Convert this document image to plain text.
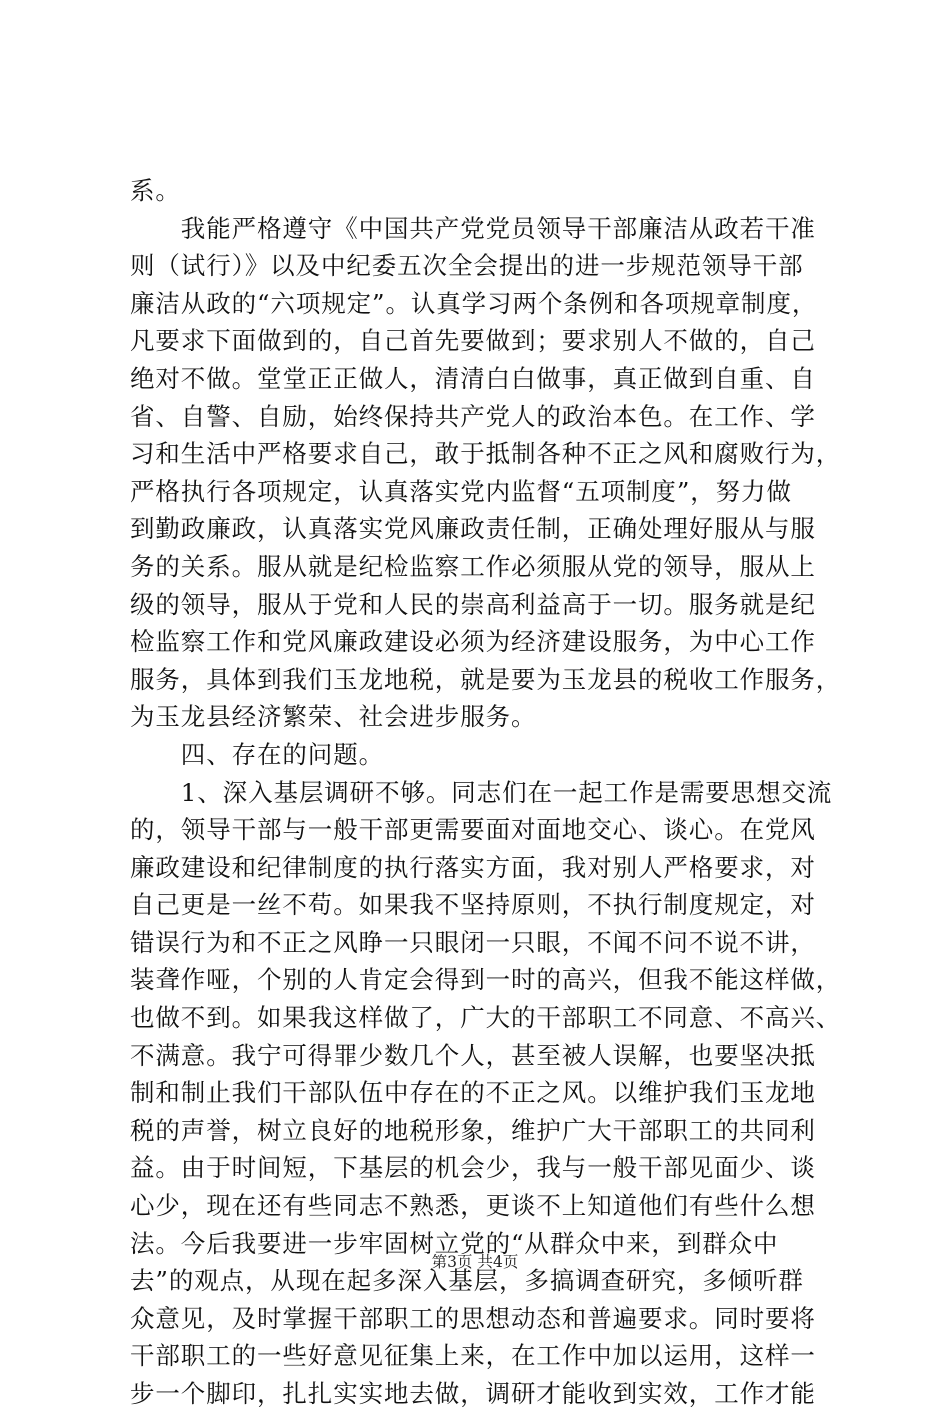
系。
　　我能严格遵守《中国共产党党员领导干部廉洁从政若干准
则（试行）》以及中纪委五次全会提出的进一步规范领导干部
廉洁从政的“六项规定”。认真学习两个条例和各项规章制度，
凡要求下面做到的，自己首先要做到；要求别人不做的，自己
绝对不做。堂堂正正做人，清清白白做事，真正做到自重、自
省、自警、自励，始终保持共产党人的政治本色。在工作、学
习和生活中严格要求自己，敢于抵制各种不正之风和腐败行为，
严格执行各项规定，认真落实党内监督“五项制度”，努力做
到勤政廉政，认真落实党风廉政责任制，正确处理好服从与服
务的关系。服从就是纪检监察工作必须服从党的领导，服从上
级的领导，服从于党和人民的崇高利益高于一切。服务就是纪
检监察工作和党风廉政建设必须为经济建设服务，为中心工作
服务，具体到我们玉龙地税，就是要为玉龙县的税收工作服务，
为玉龙县经济繁荣、社会进步服务。
　　四、存在的问题。
　　1、深入基层调研不够。同志们在一起工作是需要思想交流
的，领导干部与一般干部更需要面对面地交心、谈心。在党风
廉政建设和纪律制度的执行落实方面，我对别人严格要求，对
自己更是一丝不苟。如果我不坚持原则，不执行制度规定，对
错误行为和不正之风睁一只眼闭一只眼，不闻不问不说不讲，
装聋作哑，个别的人肯定会得到一时的高兴，但我不能这样做，
也做不到。如果我这样做了，广大的干部职工不同意、不高兴、
不满意。我宁可得罪少数几个人，甚至被人误解，也要坚决抵
制和制止我们干部队伍中存在的不正之风。以维护我们玉龙地
税的声誉，树立良好的地税形象，维护广大干部职工的共同利
益。由于时间短，下基层的机会少，我与一般干部见面少、谈
心少，现在还有些同志不熟悉，更谈不上知道他们有些什么想
法。今后我要进一步牢固树立党的“从群众中来，到群众中
去”的观点，从现在起多深入基层，多搞调查研究，多倾听群
众意见，及时掌握干部职工的思想动态和普遍要求。同时要将
干部职工的一些好意见征集上来，在工作中加以运用，这样一
步一个脚印，扎扎实实地去做，调研才能收到实效，工作才能
第3页 共4页
